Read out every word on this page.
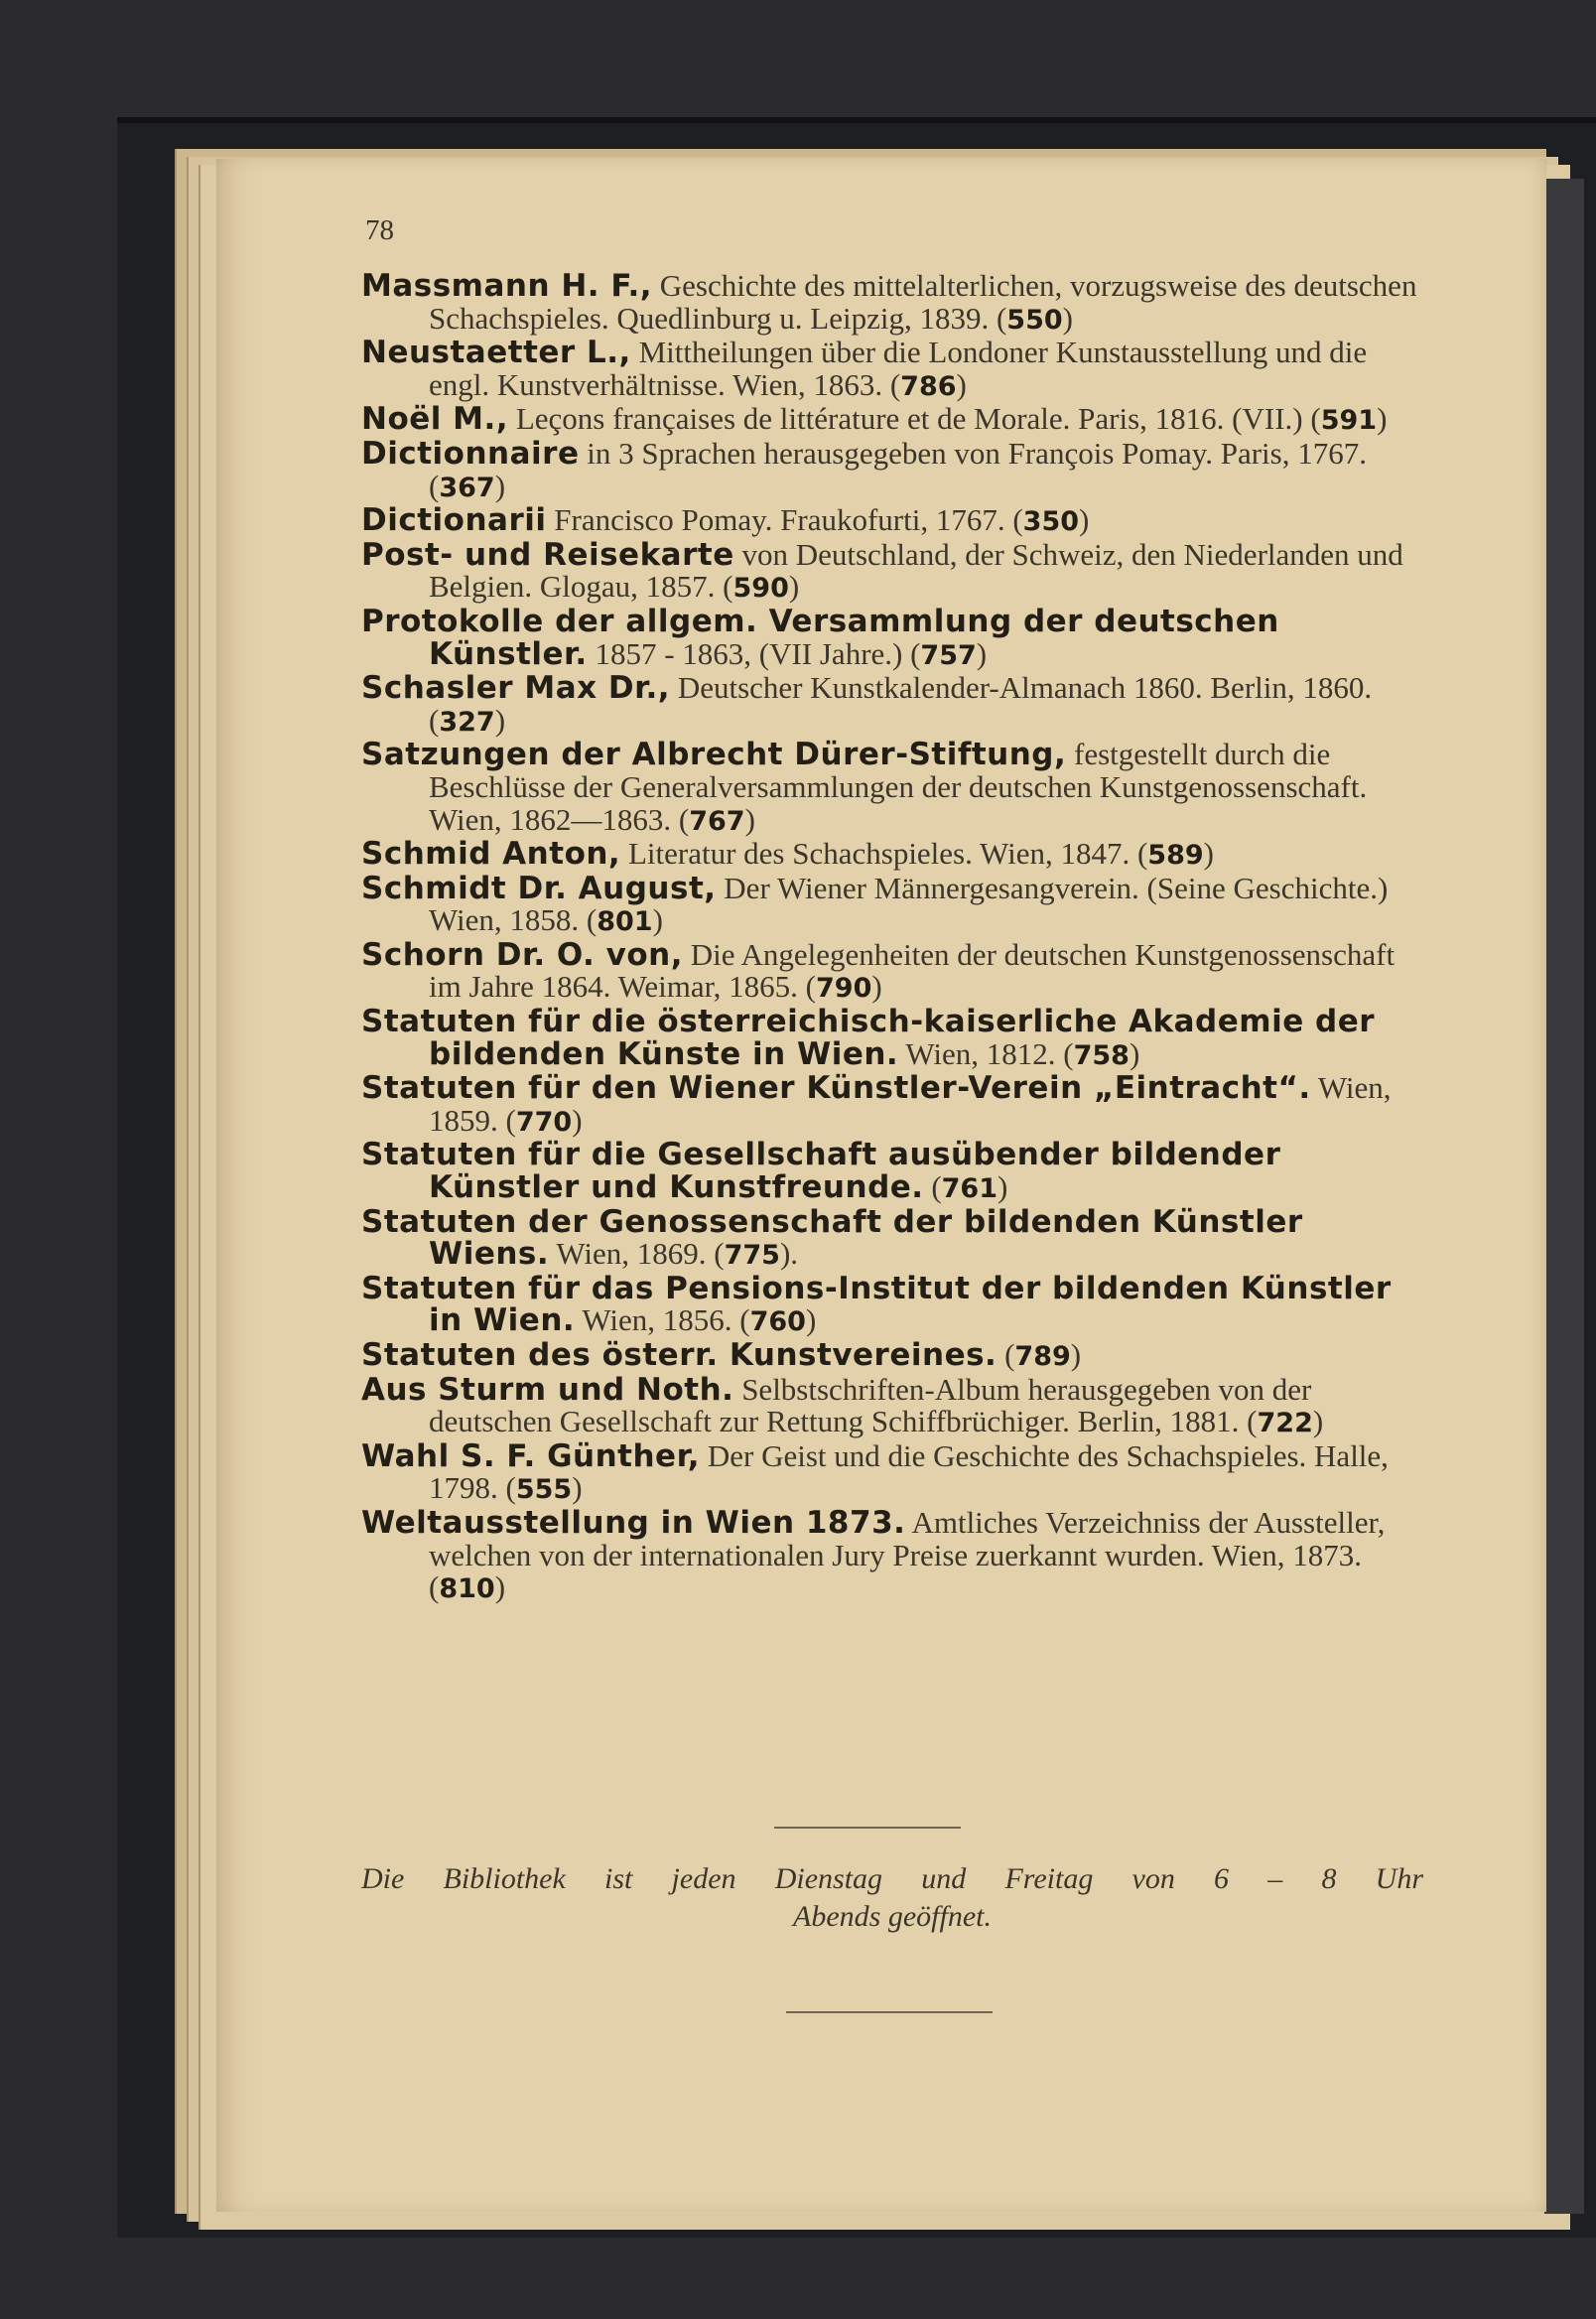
78
Massmann H. F., Geschichte des mittelalterlichen, vorzugsweise des deutschen Schachspieles. Quedlinburg u. Leipzig, 1839. (550)
Neustaetter L., Mittheilungen über die Londoner Kunstausstellung und die engl. Kunstverhältnisse. Wien, 1863. (786)
Noël M., Leçons françaises de littérature et de Morale. Paris, 1816. (VII.) (591)
Dictionnaire in 3 Sprachen herausgegeben von François Pomay. Paris, 1767. (367)
Dictionarii Francisco Pomay. Fraukofurti, 1767. (350)
Post- und Reisekarte von Deutschland, der Schweiz, den Niederlanden und Belgien. Glogau, 1857. (590)
Protokolle der allgem. Versammlung der deutschen Künstler. 1857 - 1863, (VII Jahre.) (757)
Schasler Max Dr., Deutscher Kunstkalender-Almanach 1860. Berlin, 1860. (327)
Satzungen der Albrecht Dürer-Stiftung, festgestellt durch die Beschlüsse der Generalversammlungen der deutschen Kunstgenossenschaft. Wien, 1862—1863. (767)
Schmid Anton, Literatur des Schachspieles. Wien, 1847. (589)
Schmidt Dr. August, Der Wiener Männergesangverein. (Seine Geschichte.) Wien, 1858. (801)
Schorn Dr. O. von, Die Angelegenheiten der deutschen Kunstgenossenschaft im Jahre 1864. Weimar, 1865. (790)
Statuten für die österreichisch-kaiserliche Akademie der bildenden Künste in Wien. Wien, 1812. (758)
Statuten für den Wiener Künstler-Verein „Eintracht“. Wien, 1859. (770)
Statuten für die Gesellschaft ausübender bildender Künstler und Kunstfreunde. (761)
Statuten der Genossenschaft der bildenden Künstler Wiens. Wien, 1869. (775).
Statuten für das Pensions-Institut der bildenden Künstler in Wien. Wien, 1856. (760)
Statuten des österr. Kunstvereines. (789)
Aus Sturm und Noth. Selbstschriften-Album herausgegeben von der deutschen Gesellschaft zur Rettung Schiffbrüchiger. Berlin, 1881. (722)
Wahl S. F. Günther, Der Geist und die Geschichte des Schachspieles. Halle, 1798. (555)
Weltausstellung in Wien 1873. Amtliches Verzeichniss der Aussteller, welchen von der internationalen Jury Preise zuerkannt wurden. Wien, 1873. (810)
Die Bibliothek ist jeden Dienstag und Freitag von 6 – 8 Uhr
Abends geöffnet.
